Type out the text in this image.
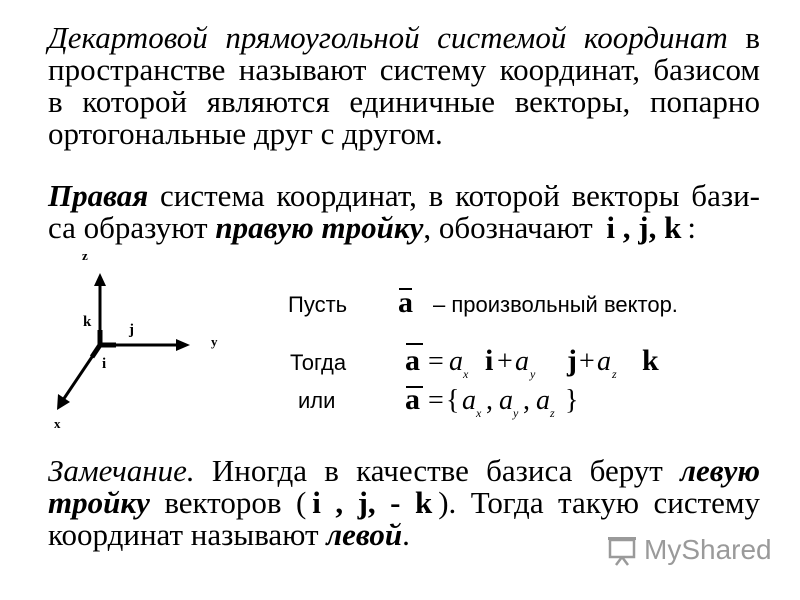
Декартовой прямоугольной системой координат в пространстве называют систему координат, базисом в которой являются единичные векторы, попарно ортогональные друг с другом.
Правая система координат, в которой векторы бази-са образуют правую тройку, обозначают i , j, k :
z
y
x
k	j
i
Пусть a – произвольный вектор.
Тогда
или
a = a x i + a y j + a z k
a = { a x , a y , a z }
Замечание. Иногда в качестве базиса берут левую тройку векторов ( i , j, - k ). Тогда такую систему координат называют левой.	MyShared
